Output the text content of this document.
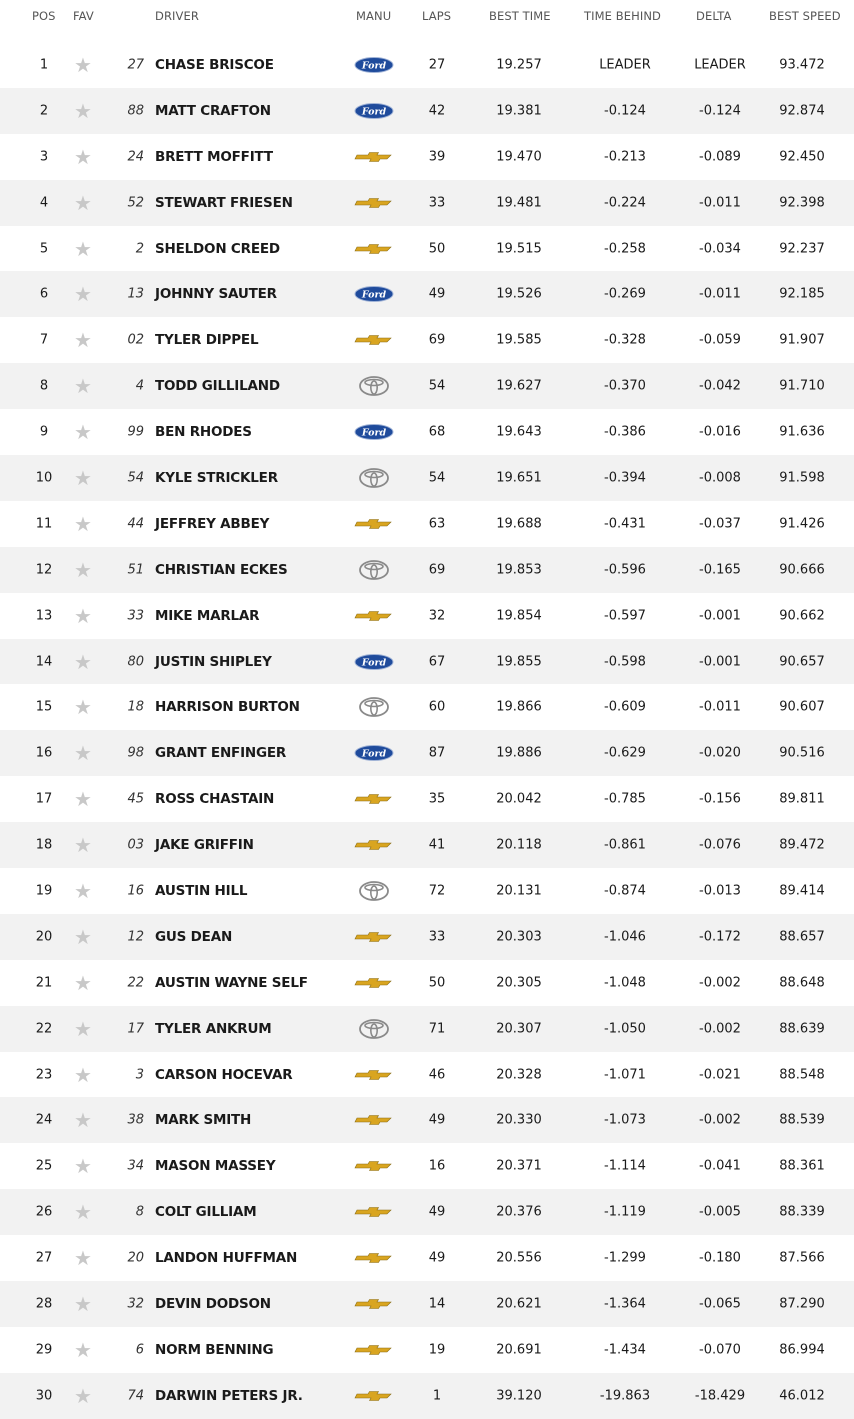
POS FAV	DRIVER	MANU	LAPS	BEST TIME	TIME BEHIND	DELTA	BEST SPEED
1	★	27 CHASE BRISCOE	Ford	27	19.257	LEADER	LEADER	93.472
2	★	88 MATT CRAFTON	Ford	42	19.381	-0.124	-0.124	92.874
3	★	24 BRETT MOFFITT	39	19.470	-0.213	-0.089	92.450
4	★	52 STEWART FRIESEN	33	19.481	-0.224	-0.011	92.398
5	★	2 SHELDON CREED	50	19.515	-0.258	-0.034	92.237
6	★	13 JOHNNY SAUTER	Ford	49	19.526	-0.269	-0.011	92.185
7	★	02 TYLER DIPPEL	69	19.585	-0.328	-0.059	91.907
8	★	4 TODD GILLILAND	54	19.627	-0.370	-0.042	91.710
9	★	99 BEN RHODES	Ford	68	19.643	-0.386	-0.016	91.636
10	★	54 KYLE STRICKLER	54	19.651	-0.394	-0.008	91.598
11	★	44 JEFFREY ABBEY	63	19.688	-0.431	-0.037	91.426
12	★	51 CHRISTIAN ECKES	69	19.853	-0.596	-0.165	90.666
13	★	33 MIKE MARLAR	32	19.854	-0.597	-0.001	90.662
14	★	80 JUSTIN SHIPLEY	Ford	67	19.855	-0.598	-0.001	90.657
15	★	18 HARRISON BURTON	60	19.866	-0.609	-0.011	90.607
16	★	98 GRANT ENFINGER	Ford	87	19.886	-0.629	-0.020	90.516
17	★	45 ROSS CHASTAIN	35	20.042	-0.785	-0.156	89.811
18	★	03 JAKE GRIFFIN	41	20.118	-0.861	-0.076	89.472
19	★	16 AUSTIN HILL	72	20.131	-0.874	-0.013	89.414
20	★	12 GUS DEAN	33	20.303	-1.046	-0.172	88.657
21	★	22 AUSTIN WAYNE SELF	50	20.305	-1.048	-0.002	88.648
22	★	17 TYLER ANKRUM	71	20.307	-1.050	-0.002	88.639
23	★	3 CARSON HOCEVAR	46	20.328	-1.071	-0.021	88.548
24	★	38 MARK SMITH	49	20.330	-1.073	-0.002	88.539
25	★	34 MASON MASSEY	16	20.371	-1.114	-0.041	88.361
26	★	8 COLT GILLIAM	49	20.376	-1.119	-0.005	88.339
27	★	20 LANDON HUFFMAN	49	20.556	-1.299	-0.180	87.566
28	★	32 DEVIN DODSON	14	20.621	-1.364	-0.065	87.290
29	★	6 NORM BENNING	19	20.691	-1.434	-0.070	86.994
30	★	74 DARWIN PETERS JR.	1	39.120	-19.863	-18.429	46.012
